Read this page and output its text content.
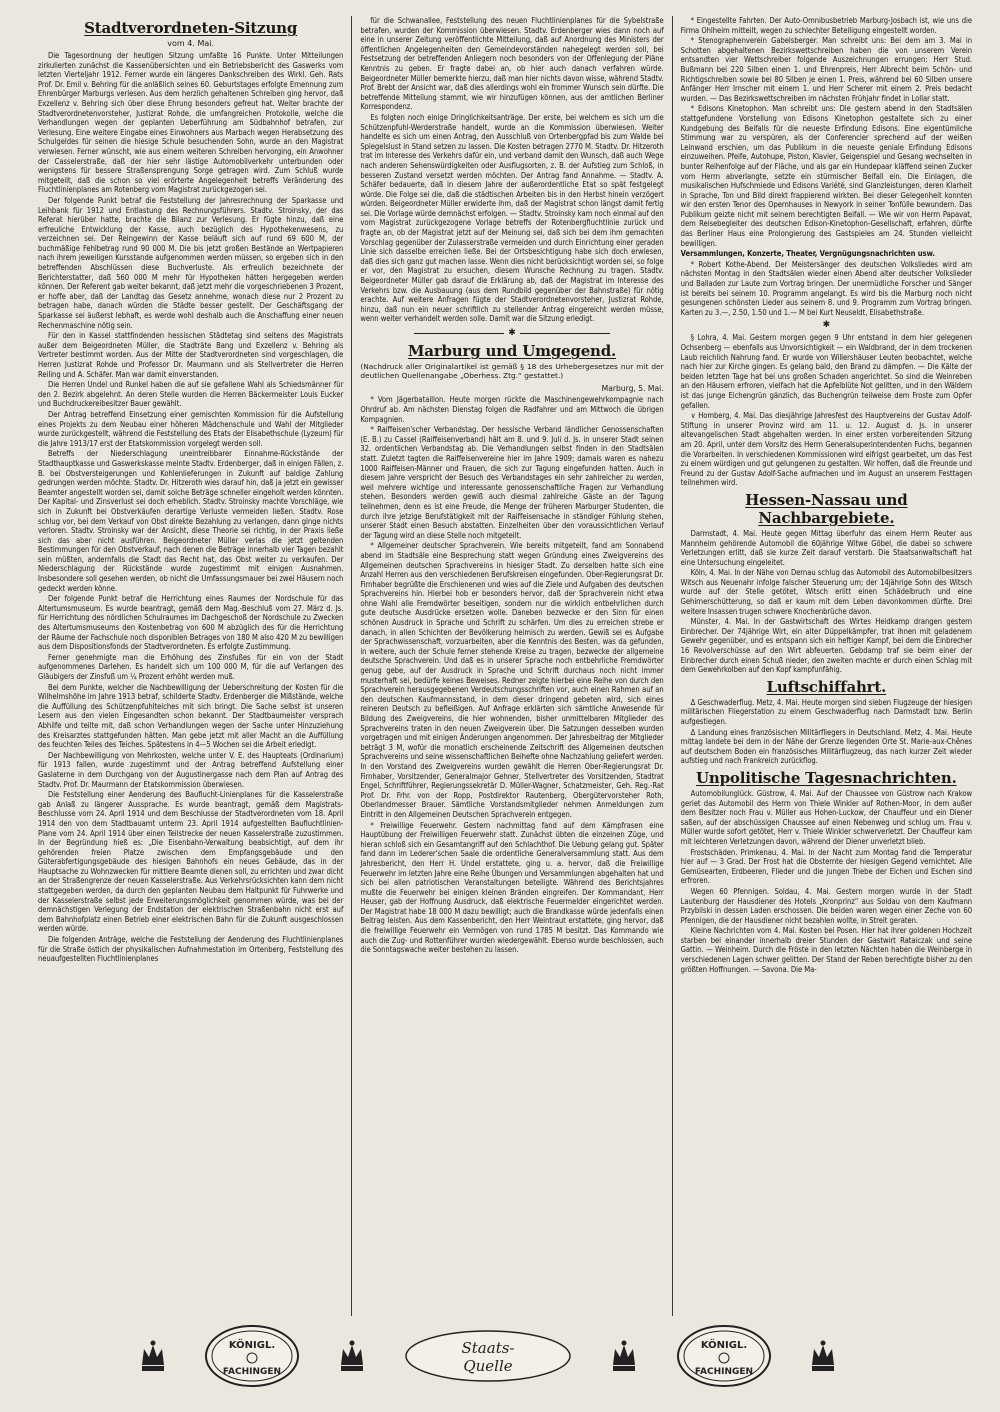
Stadtverordneten-Sitzung
vom 4. Mai.

Die Tagesordnung der heutigen Sitzung umfaßte 16 Punkte. Unter Mitteilungen zirkulierten zunächst die Kassenübersichten und ein Betriebsbericht des Gaswerks vom letzten Vierteljahr 1912. Ferner wurde ein längeres Dankschreiben des Wirkl. Geh. Rats Prof. Dr. Emil v. Behring für die anläßlich seines 60. Geburtstages erfolgte Ernennung zum Ehrenbürger Marburgs verlesen. Aus dem herzlich gehaltenen Schreiben ging hervor, daß Exzellenz v. Behring sich über diese Ehrung besonders gefreut hat. Weiter brachte der Stadtverordnetenvorsteher, Justizrat Rohde, die umfangreichen Protokolle, welche die Verhandlungen wegen der geplanten Ueberführung am Südbahnhof betrafen, zur Verlesung. Eine weitere Eingabe eines Einwohners aus Marbach wegen Herabsetzung des Schulgeldes für seinen die hiesige Schule besuchenden Sohn, wurde an den Magistrat verwiesen. Ferner wünscht, wie aus einem weiteren Schreiben hervorging, ein Anwohner der Casselerstraße, daß der hier sehr lästige Automobilverkehr unterbunden oder wenigstens für bessere Straßensprengung Sorge getragen wird. Zum Schluß wurde mitgeteilt, daß die schon so viel erörterte Angelegenheit betreffs Veränderung des Fluchtlinienplanes am Rotenberg vom Magistrat zurückgezogen sei.

Der folgende Punkt betraf die Feststellung der Jahresrechnung der Sparkasse und Leihbank für 1912 und Entlastung des Rechnungsführers. Stadtv. Stroinsky, der das Referat hierüber hatte, brachte die Bilanz zur Verlesung. Er fügte hinzu, daß eine erfreuliche Entwicklung der Kasse, auch bezüglich des Hypothekenwesens, zu verzeichnen sei. Der Reingewinn der Kasse beläuft sich auf rund 69 600 M, der buchmäßige Fehlbetrag rund 90 000 M. Die bis jetzt großen Bestände an Wertpapieren nach ihrem jeweiligen Kursstande aufgenommen werden müssen, so ergeben sich in den betreffenden Abschlüssen diese Buchverluste. Als erfreulich bezeichnete der Berichterstatter, daß 560 000 M mehr für Hypotheken hätten hergegeben werden können. Der Referent gab weiter bekannt, daß jetzt mehr die vorgeschriebenen 3 Prozent, er hoffe aber, daß der Landtag das Gesetz annehme, wonach diese nur 2 Prozent zu betragen habe, danach würden die Städte besser gestellt. Der Geschäftsgang der Sparkasse sei äußerst lebhaft, es werde wohl deshalb auch die Anschaffung einer neuen Rechenmaschine nötig sein.

Für den in Kassel stattfindenden hessischen Städtetag sind seitens des Magistrats außer dem Beigeordneten Müller, die Stadträte Bang und Exzellenz v. Behring als Vertreter bestimmt worden. Aus der Mitte der Stadtverordneten sind vorgeschlagen, die Herren Justizrat Rohde und Professor Dr. Maurmann und als Stellvertreter die Herren Reiling und A. Schäfer. Man war damit einverstanden.

Die Herren Undel und Runkel haben die auf sie gefallene Wahl als Schiedsmänner für den 2. Bezirk abgelehnt. An deren Stelle wurden die Herren Bäckermeister Louis Eucker und Buchdruckereibesitzer Bauer gewählt.

Der Antrag betreffend Einsetzung einer gemischten Kommission für die Aufstellung eines Projekts zu dem Neubau einer höheren Mädchenschule und Wahl der Mitglieder wurde zurückgestellt, während die Feststellung des Etats der Elisabethschule (Lyzeum) für die Jahre 1913/17 erst der Etatskommission vorgelegt werden soll.

Betreffs der Niederschlagung uneintreibbarer Einnahme-Rückstände der Stadthauptkasse und Gaswerkskasse meinte Stadtv. Erdenberger, daß in einigen Fällen, z. B. bei Obstversteigerungen und Kohlenlieferungen in Zukunft auf baldige Zahlung gedrungen werden möchte. Stadtv. Dr. Hitzeroth wies darauf hin, daß ja jetzt ein gewisser Beamter angestellt worden sei, damit solche Beträge schneller eingeholt werden könnten. Der Kapital- und Zinsverlust sei doch erheblich. Stadtv. Stroinsky machte Vorschläge, wie sich in Zukunft bei Obstverkäufen derartige Verluste vermeiden ließen. Stadtv. Rose schlug vor, bei dem Verkauf von Obst direkte Bezahlung zu verlangen, dann ginge nichts verloren. Stadtv. Stroinsky war der Ansicht, diese Theorie sei richtig, in der Praxis ließe sich das aber nicht ausführen. Beigeordneter Müller verlas die jetzt geltenden Bestimmungen für den Obstverkauf, nach denen die Beträge innerhalb vier Tagen bezahlt sein müßten, andernfalls die Stadt das Recht hat, das Obst weiter zu verkaufen. Der Niederschlagung der Rückstände wurde zugestimmt mit einigen Ausnahmen. Insbesondere soll gesehen werden, ob nicht die Umfassungsmauer bei zwei Häusern noch gedeckt werden könne.

Der folgende Punkt betraf die Herrichtung eines Raumes der Nordschule für das Altertumsmuseum. Es wurde beantragt, gemäß dem Mag.-Beschluß vom 27. März d. Js. für Herrichtung des nördlichen Schulraumes im Dachgeschoß der Nordschule zu Zwecken des Altertumsmuseums den Kostenbetrag von 600 M abzüglich des für die Herrichtung der Räume der Fachschule noch disponiblen Betrages von 180 M also 420 M zu bewilligen aus dem Dispositionsfonds der Stadtverordneten. Es erfolgte Zustimmung.

Ferner genehmigte man die Erhöhung des Zinsfußes für ein von der Stadt aufgenommenes Darlehen. Es handelt sich um 100 000 M, für die auf Verlangen des Gläubigers der Zinsfuß um ¼ Prozent erhöht werden muß.

Bei dem Punkte, welcher die Nachbewilligung der Ueberschreitung der Kosten für die Wilhelmshöhe im Jahre 1913 betraf, schilderte Stadtv. Erdenberger die Mißstände, welche die Auffüllung des Schützenpfuhlteiches mit sich bringt. Die Sache selbst ist unseren Lesern aus den vielen Eingesandten schon bekannt. Der Stadtbaumeister versprach Abhilfe und teilte mit, daß schon Verhandlungen wegen der Sache unter Hinzuziehung des Kreisarztes stattgefunden hätten. Man gebe jetzt mit aller Macht an die Auffüllung des feuchten Teiles des Teiches. Spätestens in 4—5 Wochen sei die Arbeit erledigt.

Der Nachbewilligung von Mehrkosten, welche unter V. E. des Haupteats (Ordinarium) für 1913 fallen, wurde zugestimmt und der Antrag betreffend Aufstellung einer Gaslaterne in dem Durchgang von der Augustinergasse nach dem Plan auf Antrag des Stadtv. Prof. Dr. Maurmann der Etatskommission überwiesen.

Die Feststellung einer Aenderung des Bauflucht-Linienplanes für die Kasselerstraße gab Anlaß zu längerer Aussprache. Es wurde beantragt, gemäß dem Magistrats-Beschlusse vom 24. April 1914 und dem Beschlusse der Stadtverordneten vom 18. April 1914 den von dem Stadtbauamt unterm 23. April 1914 aufgestellten Baufluchtlinien-Plane vom 24. April 1914 über einen Teilstrecke der neuen Kasselerstraße zuzustimmen. In der Begründung hieß es: „Die Eisenbahn-Verwaltung beabsichtigt, auf dem ihr gehörenden freien Platze zwischen dem Empfangsgebäude und den Güterabfertigungsgebäude des hiesigen Bahnhofs ein neues Gebäude, das in der Hauptsache zu Wohnzwecken für mittlere Beamte dienen soll, zu errichten und zwar dicht an der Straßengrenze der neuen Kasselerstraße. Aus Verkehrsrücksichten kann dem nicht stattgegeben werden, da durch den geplanten Neubau dem Haltpunkt für Fuhrwerke und der Kasselerstraße selbst jede Erweiterungsmöglichkeit genommen würde, was bei der demnächstigen Verlegung der Endstation der elektrischen Straßenbahn nicht erst auf dem Bahnhofplatz einen Betrieb einer elektrischen Bahn für die Zukunft ausgeschlossen werden würde.

Die folgenden Anträge, welche die Feststellung der Aenderung des Fluchtlinienplanes für die Straße östlich der physikalischen Aufnahmestation im Ortenberg, Feststellung des neuaufgestellten Fluchtlinienplanes

für die Schwanallee, Feststellung des neuen Fluchtlinienplanes für die Sybelstraße betrafen, wurden der Kommission überwiesen. Stadtv. Erdenberger wies dann noch auf eine in unserer Zeitung veröffentlichte Mitteilung, daß auf Anordnung des Ministers der öffentlichen Angelegenheiten den Gemeindevorständen nahegelegt werden soll, bei Festsetzung der betreffenden Anliegern noch besonders von der Offenlegung der Pläne Kenntnis zu geben. Er fragte dabei an, ob hier auch danach verfahren würde. Beigeordneter Müller bemerkte hierzu, daß man hier nichts davon wisse, während Stadtv. Prof. Brebt der Ansicht war, daß dies allerdings wohl ein frommer Wunsch sein dürfte. Die betreffende Mitteilung stammt, wie wir hinzufügen können, aus der amtlichen Berliner Korrespondenz.

Es folgten noch einige Dringlichkeitsanträge. Der erste, bei welchem es sich um die Schützenpfuhl-Werderstraße handelt, wurde an die Kommission überwiesen. Weiter handelte es sich um einen Antrag, den Ausschluß von Ortenbergpfad bis zum Walde bei Spiegelslust in Stand setzen zu lassen. Die Kosten betragen 2770 M. Stadtv. Dr. Hitzeroth trat im Interesse des Verkehrs dafür ein, und verband damit den Wunsch, daß auch Wege nach anderen Sehenswürdigkeiten oder Ausflugsorten, z. B. der Aufstieg zum Schloß, in besseren Zustand versetzt werden möchten. Der Antrag fand Annahme. — Stadtv. A. Schäfer bedauerte, daß in diesem Jahre der außerordentliche Etat so spät festgelegt würde. Die Folge sei die, daß die städtischen Arbeiten bis in den Herbst hinein verzögert würden. Beigeordneter Müller erwiderte ihm, daß der Magistrat schon längst damit fertig sei. Die Vorlage würde demnächst erfolgen. — Stadtv. Stroinsky kam noch einmal auf den vom Magistrat zurückgezogene Vorlage betreffs der Rotenbergfluchtlinie zurück und fragte an, ob der Magistrat jetzt auf der Meinung sei, daß sich bei dem ihm gemachten Vorschlag gegenüber der Zulasserstraße vermeiden und durch Einrichtung einer geraden Linie sich dasselbe erreichen ließe. Bei der Ortsbesichtigung habe sich doch erwiesen, daß dies sich ganz gut machen lasse. Wenn dies nicht berücksichtigt worden sei, so folge er vor, den Magistrat zu ersuchen, diesem Wunsche Rechnung zu tragen. Stadtv. Beigeordneter Müller gab darauf die Erklärung ab, daß der Magistrat im Interesse des Verkehrs bzw. die Ausbauung (aus dem Rundbild gegenüber der Bahnstraße) für nötig erachte. Auf weitere Anfragen fügte der Stadtverordnetenvorsteher, Justizrat Rohde, hinzu, daß nun ein neuer schriftlich zu stellender Antrag eingereicht werden müsse, wenn weiter verhandelt werden solle. Damit war die Sitzung erledigt.

✱
Marburg und Umgegend.

(Nachdruck aller Originalartikel ist gemäß § 18 des Urhebergesetzes nur mit der deutlichen Quellenangabe „Oberhess. Ztg.“ gestattet.)

Marburg, 5. Mai.

* Vom Jägerbataillon. Heute morgen rückte die Maschinengewehrkompagnie nach Ohrdruf ab. Am nächsten Dienstag folgen die Radfahrer und am Mittwoch die übrigen Kompagnien.

* Raiffeisen'scher Verbandstag. Der hessische Verband ländlicher Genossenschaften (E. B.) zu Cassel (Raiffeisenverband) hält am 8. und 9. Juli d. Js. in unserer Stadt seinen 32. ordentlichen Verbandstag ab. Die Verhandlungen selbst finden in den Stadtsälen statt. Zuletzt tagten die Raiffeisenvereine hier im Jahre 1909; damals waren es nahezu 1000 Raiffeisen-Männer und Frauen, die sich zur Tagung eingefunden hatten. Auch in diesem Jahre verspricht der Besuch des Verbandstages ein sehr zahlreicher zu werden, weil mehrere wichtige und interessante genossenschaftliche Fragen zur Verhandlung stehen. Besonders werden gewiß auch diesmal zahlreiche Gäste an der Tagung teilnehmen, denn es ist eine Freude, die Menge der früheren Marburger Studenten, die durch ihre jetzige Berufstätigkeit mit der Raiffeisensache in ständiger Fühlung stehen, unserer Stadt einen Besuch abstatten. Einzelheiten über den voraussichtlichen Verlauf der Tagung wird an diese Stelle noch mitgeteilt.

* Allgemeiner deutscher Sprachverein. Wie bereits mitgeteilt, fand am Sonnabend abend im Stadtsäle eine Besprechung statt wegen Gründung eines Zweigvereins des Allgemeinen deutschen Sprachvereins in hiesiger Stadt. Zu derselben hatte sich eine Anzahl Herren aus den verschiedenen Berufskreisen eingefunden. Ober-Regierungsrat Dr. Firnhaber begrüßte die Erschienenen und wies auf die Ziele und Aufgaben des deutschen Sprachvereins hin. Hierbei hob er besonders hervor, daß der Sprachverein nicht etwa ohne Wahl alle Fremdwörter beseitigen, sondern nur die wirklich entbehrlichen durch gute deutsche Ausdrücke ersetzen wolle. Daneben bezwecke er den Sinn für einen schönen Ausdruck in Sprache und Schrift zu schärfen. Um dies zu erreichen strebe er danach, in allen Schichten der Bevölkerung heimisch zu werden. Gewiß sei es Aufgabe der Sprachwissenschaft, vorzuarbeiten, aber die Kenntnis des Besten, was da gefunden, in weitere, auch der Schule ferner stehende Kreise zu tragen, bezwecke der allgemeine deutsche Sprachverein. Und daß es in unserer Sprache noch entbehrliche Fremdwörter genug gebe, auf der Ausdruck in Sprache und Schrift durchaus noch nicht immer musterhaft sei, bedürfe keines Beweises. Redner zeigte hierbei eine Reihe von durch den Sprachverein herausgegebenen Verdeutschungsschriften vor, auch einen Rahmen auf an den deutschen Kaufmannsstand, in dem dieser dringend gebeten wird, sich eines reineren Deutsch zu befleißigen. Auf Anfrage erklärten sich sämtliche Anwesende für Bildung des Zweigvereins, die hier wohnenden, bisher unmittelbaren Mitglieder des Sprachvereins traten in den neuen Zweigverein über. Die Satzungen desselben wurden vorgetragen und mit einigen Änderungen angenommen. Der Jahresbeitrag der Mitglieder beträgt 3 M, wofür die monatlich erscheinende Zeitschrift des Allgemeinen deutschen Sprachvereins und seine wissenschaftlichen Beihefte ohne Nachzahlung geliefert werden. In den Vorstand des Zweigvereins wurden gewählt die Herren Ober-Regierungsrat Dr. Firnhaber, Vorsitzender, Generalmajor Gehner, Stellvertreter des Vorsitzenden, Stadtrat Engel, Schriftführer, Regierungssekretär D. Müller-Wagner, Schatzmeister, Geh. Reg.-Rat Prof. Dr. Frhr. von der Ropp, Postdirektor Rautenberg, Obergütervorsteher Roth, Oberlandmesser Brauer. Sämtliche Vorstandsmitglieder nehmen Anmeldungen zum Eintritt in den Allgemeinen Deutschen Sprachverein entgegen.

* Freiwillige Feuerwehr. Gestern nachmittag fand auf dem Kämpfrasen eine Hauptübung der Freiwilligen Feuerwehr statt. Zunächst übten die einzelnen Züge, und hieran schloß sich ein Gesamtangriff auf den Schlachthof. Die Uebung gelang gut. Später fand dann im Lederer'schen Saale die ordentliche Generalversammlung statt. Aus dem Jahresbericht, den Herr H. Undel erstattete, ging u. a. hervor, daß die Freiwillige Feuerwehr im letzten Jahre eine Reihe Übungen und Versammlungen abgehalten hat und sich bei allen patriotischen Veranstaltungen beteiligte. Während des Berichtsjahres mußte die Feuerwehr bei einigen kleinen Bränden eingreifen. Der Kommandant, Herr Heuser, gab der Hoffnung Ausdruck, daß elektrische Feuermelder eingerichtet werden. Der Magistrat habe 18 000 M dazu bewilligt; auch die Brandkasse würde jedenfalls einen Beitrag leisten. Aus dem Kassenbericht, den Herr Weintraut erstattete, ging hervor, daß die freiwillige Feuerwehr ein Vermögen von rund 1785 M besitzt. Das Kommando wie auch die Zug- und Rottenführer wurden wiedergewählt. Ebenso wurde beschlossen, auch die Sonntagswache weiter bestehen zu lassen.

* Eingestellte Fahrten. Der Auto-Omnibusbetrieb Marburg-Josbach ist, wie uns die Firma Ohlheim mitteilt, wegen zu schlechter Beteiligung eingestellt worden.

* Stenographenverein Gabelsberger. Man schreibt uns: Bei dem am 3. Mai in Schotten abgehaltenen Bezirkswettschreiben haben die von unserem Verein entsandten vier Wettschreiber folgende Auszeichnungen errungen: Herr Stud. Bußmann bei 220 Silben einen 1. und Ehrenpreis, Herr Albrecht beim Schön- und Richtigschreiben sowie bei 80 Silben je einen 1. Preis, während bei 60 Silben unsere Anfänger Herr Irnscher mit einem 1. und Herr Scherer mit einem 2. Preis bedacht wurden. — Das Bezirkswettschreiben im nächsten Frühjahr findet in Lollar statt.

* Edisons Kinetophon. Man schreibt uns: Die gestern abend in den Stadtsälen stattgefundene Vorstellung von Edisons Kinetophon gestaltete sich zu einer Kundgebung des Beifalls für die neueste Erfindung Edisons. Eine eigentümliche Stimmung war zu verspüren, als der Conferencier sprechend auf der weißen Leinwand erschien, um das Publikum in die neueste geniale Erfindung Edisons einzuweihen. Pfeife, Autohupe, Piston, Klavier, Geigenspiel und Gesang wechselten in bunter Reihenfolge auf der Fläche, und als gar ein Hundepaar kläffend seinen Zucker vom Herrn abverlangte, setzte ein stürmischer Beifall ein. Die Einlagen, die musikalischen Hufschmiede und Edisons Variété, sind Glanzleistungen, deren Klarheit in Sprache, Ton und Bild direkt frappierend wirkten. Bei dieser Gelegenheit konnten wir den ersten Tenor des Opernhauses in Newyork in seiner Tonfülle bewundern. Das Publikum geizte nicht mit seinem berechtigten Beifall. — Wie wir von Herrn Papavat, dem Reisebegleiter des deutschen Edison-Kinetophon-Gesellschaft, erfahren, dürfte das Berliner Haus eine Prolongierung des Gastspieles am 24. Stunden vielleicht bewilligen.

Versammlungen, Konzerte, Theater, Vergnügungsnachrichten usw.

* Robert Kothe-Abend. Der Meistersänger des deutschen Volksliedes wird am nächsten Montag in den Stadtsälen wieder einen Abend alter deutscher Volkslieder und Balladen zur Laute zum Vortrag bringen. Der unermüdliche Forscher und Sänger ist bereits bei seinem 10. Programm angelangt. Es wird bis die Marburg noch nicht gesungenen schönsten Lieder aus seinem 8. und 9. Programm zum Vortrag bringen. Karten zu 3.—, 2.50, 1.50 und 1.— M bei Kurt Neuseldt, Elisabethstraße.

✱

§ Lohra, 4. Mai. Gestern morgen gegen 9 Uhr entstand in dem hier gelegenen Ochsenberg — ebenfalls aus Unvorsichtigkeit — ein Waldbrand, der in dem trockenen Laub reichlich Nahrung fand. Er wurde von Willershäuser Leuten beobachtet, welche nach hier zur Kirche gingen. Es gelang bald, den Brand zu dämpfen. — Die Kälte der beiden letzten Tage hat bei uns großen Schaden angerichtet. So sind die Weinreben an den Häusern erfroren, vielfach hat die Apfelblüte Not gelitten, und in den Wäldern ist das junge Eichengrün gänzlich, das Buchengrün teilweise dem Froste zum Opfer gefallen.

∨ Homberg, 4. Mai. Das diesjährige Jahresfest des Hauptvereins der Gustav Adolf-Stiftung in unserer Provinz wird am 11. u. 12. August d. Js. in unserer altevangelischen Stadt abgehalten werden. In einer ersten vorbereitenden Sitzung am 20. April, unter dem Vorsitz des Herrn Generalsuperintendenten Fuchs, begannen die Vorarbeiten. In verschiedenen Kommissionen wird eifrigst gearbeitet, um das Fest zu einem würdigen und gut gelungenen zu gestalten. Wir hoffen, daß die Freunde und Freund zu der Gustav Adolf-Sache aufmachen und im August an unserem Festtagen teilnehmen wird.

Hessen-Nassau und Nachbargebiete.

Darmstadt, 4. Mai. Heute gegen Mittag überfuhr das einem Herrn Reuter aus Mannheim gehörende Automobil die 60jährige Witwe Göbel, die dabei so schwere Verletzungen erlitt, daß sie kurze Zeit darauf verstarb. Die Staatsanwaltschaft hat eine Untersuchung eingeleitet.

Köln, 4. Mai. In der Nähe von Dernau schlug das Automobil des Automobilbesitzers Witsch aus Neuenahr infolge falscher Steuerung um; der 14jährige Sohn des Witsch wurde auf der Stelle getötet, Witsch erlitt einen Schädelbruch und eine Gehirnerschütterung, so daß er kaum mit dem Leben davonkommen dürfte. Drei weitere Insassen trugen schwere Knochenbrüche davon.

Münster, 4. Mai. In der Gastwirtschaft des Wirtes Heidkamp drangen gestern Einbrecher. Der 74jährige Wirt, ein alter Düppelkämpfer, trat ihnen mit geladenem Gewehr gegenüber, und es entspann sich ein heftiger Kampf, bei dem die Einbrecher 16 Revolverschüsse auf den Wirt abfeuerten. Gebdamp traf sie beim einer der Einbrecher durch einen Schuß nieder, den zweiten machte er durch einen Schlag mit dem Gewehrkolben auf den Kopf kampfunfähig.

Luftschiffahrt.

Δ Geschwaderflug. Metz, 4. Mai. Heute morgen sind sieben Flugzeuge der hiesigen militärischen Fliegerstation zu einem Geschwaderflug nach Darmstadt bzw. Berlin aufgestiegen.

Δ Landung eines französischen Militärfliegers in Deutschland. Metz, 4. Mai. Heute mittag landete bei dem in der Nähe der Grenze liegenden Orte St. Marie-aux-Chênes auf deutschem Boden ein französisches Militärflugzeug, das nach kurzer Zeit wieder aufstieg und nach Frankreich zurückflog.

Unpolitische Tagesnachrichten.

Automobilunglück. Güstrow, 4. Mai. Auf der Chaussee von Güstrow nach Krakow geriet das Automobil des Herrn von Thiele Winkler auf Rothen-Moor, in dem außer dem Besitzer noch Frau v. Müller aus Hohen-Luckow, der Chauffeur und ein Diener saßen, auf der abschüssigen Chaussee auf einen Nebenweg und schlug um. Frau v. Müller wurde sofort getötet, Herr v. Thiele Winkler schwerverletzt. Der Chauffeur kam mit leichteren Verletzungen davon, während der Diener unverletzt blieb.

Frostschäden. Primkenau, 4. Mai. In der Nacht zum Montag fand die Temperatur hier auf — 3 Grad. Der Frost hat die Obsternte der hiesigen Gegend vernichtet. Alle Gemüsearten, Erdbeeren, Flieder und die jungen Triebe der Eichen und Eschen sind erfroren.

Wegen 60 Pfennigen. Soldau, 4. Mai. Gestern morgen wurde in der Stadt Lautenburg der Hausdiener des Hotels „Kronprinz“ aus Soldau von dem Kaufmann Przybilski in dessen Laden erschossen. Die beiden waren wegen einer Zeche von 60 Pfennigen, die der Hausdiener nicht bezahlen wollte, in Streit geraten.

Kleine Nachrichten vom 4. Mai. Kosten bei Posen. Hier hat ihrer goldenen Hochzeit starben bei einander innerhalb dreier Stunden der Gastwirt Rataiczak und seine Gattin. — Weinheim. Durch die Fröste in den letzten Nächten haben die Weinberge in verschiedenen Lagen schwer gelitten. Der Stand der Reben berechtigte bisher zu den größten Hoffnungen. — Savona. Die Ma-

KÖNIGL.
FACHINGEN
Staats-
Quelle
KÖNIGL.
FACHINGEN
